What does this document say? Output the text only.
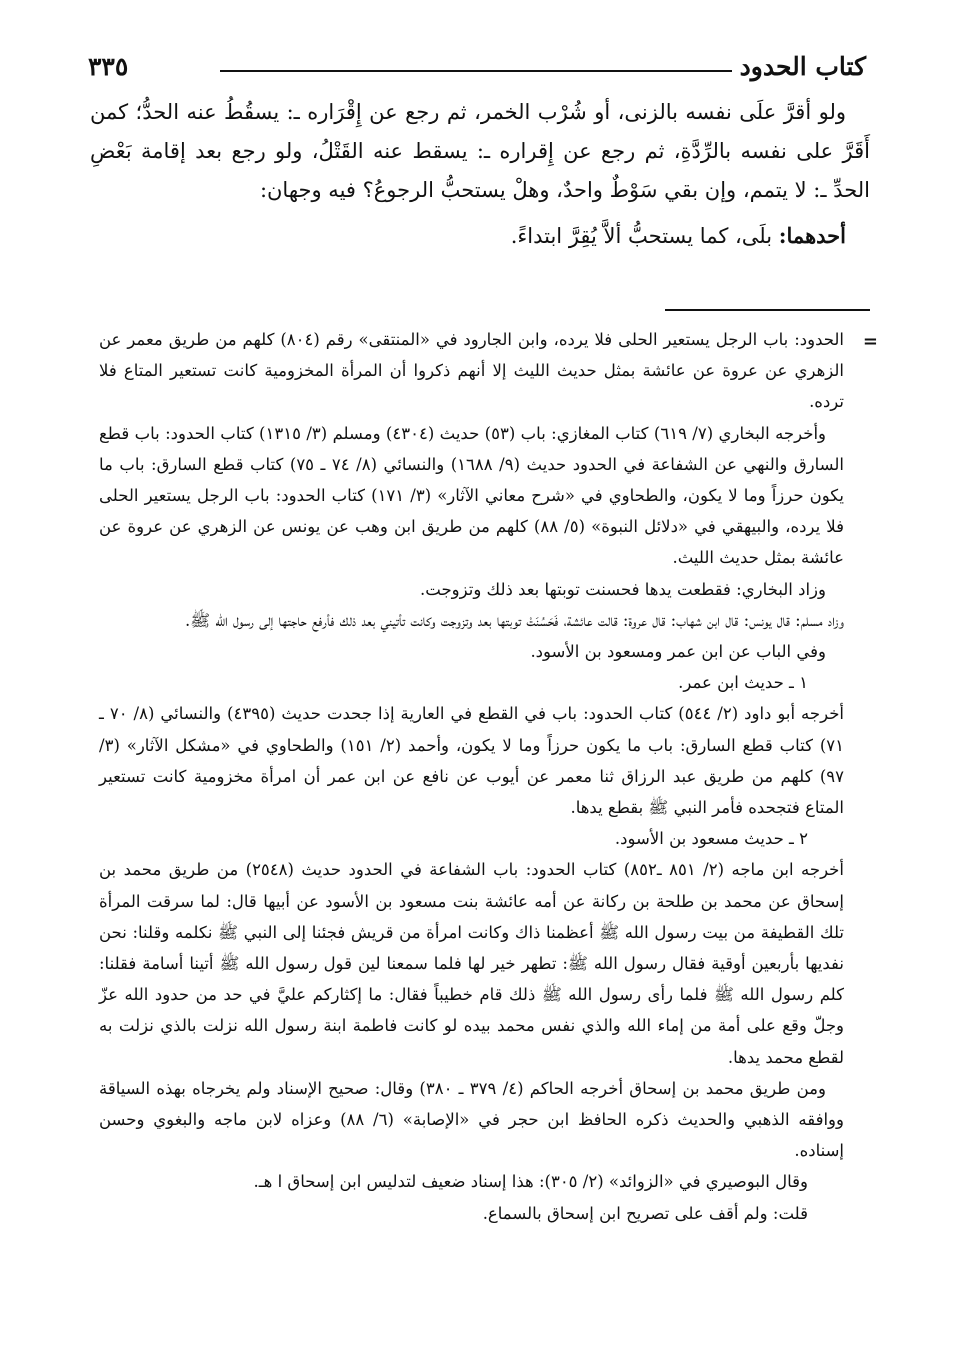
كتاب الحدود
٣٣٥

ولو أقرَّ علَى نفسه بالزنى، أو شُرْب الخمر، ثم رجع عن إِقْرَاره ـ: يسقُطُ عنه الحدُّ؛ كمن أَقَرَّ على نفسه بالرِّدَّةِ، ثم رجع عن إِقراره ـ: يسقط عنه القَتْلُ، ولو رجع بعد إقامة بَعْضِ الحدِّ ـ: لا يتمم، وإن بقي سَوْطٌ واحدٌ، وهلْ يستحبُّ الرجوعُ؟ فيه وجهان:

أحدهما: بلَى، كما يستحبُّ ألاَّ يُقِرَّ ابتداءً.

=

الحدود: باب الرجل يستعير الحلى فلا يرده، وابن الجارود في «المنتقى» رقم (٨٠٤) كلهم من طريق معمر عن الزهري عن عروة عن عائشة بمثل حديث الليث إلا أنهم ذكروا أن المرأة المخزومية كانت تستعير المتاع فلا ترده.

وأخرجه البخاري (٧/ ٦١٩) كتاب المغازي: باب (٥٣) حديث (٤٣٠٤) ومسلم (٣/ ١٣١٥) كتاب الحدود: باب قطع السارق والنهي عن الشفاعة في الحدود حديث (٩/ ١٦٨٨) والنسائي (٨/ ٧٤ ـ ٧٥) كتاب قطع السارق: باب ما يكون حرزاً وما لا يكون، والطحاوي في «شرح معاني الآثار» (٣/ ١٧١) كتاب الحدود: باب الرجل يستعير الحلى فلا يرده، والبيهقي في «دلائل النبوة» (٥/ ٨٨) كلهم من طريق ابن وهب عن يونس عن الزهري عن عروة عن عائشة بمثل حديث الليث.

وزاد البخاري: فقطعت يدها فحسنت توبتها بعد ذلك وتزوجت.

وزاد مسلم: قال يونس: قال ابن شهاب: قال عروة: قالت عائشة، فَحَسُنَتْ توبتها بعد وتزوجت وكانت تأتيني بعد ذلك فأرفع حاجتها إلى رسول الله ﷺ.

وفي الباب عن ابن عمر ومسعود بن الأسود.

١ ـ حديث ابن عمر.

أخرجه أبو داود (٢/ ٥٤٤) كتاب الحدود: باب في القطع في العارية إذا جحدت حديث (٤٣٩٥) والنسائي (٨/ ٧٠ ـ ٧١) كتاب قطع السارق: باب ما يكون حرزاً وما لا يكون، وأحمد (٢/ ١٥١) والطحاوي في «مشكل الآثار» (٣/ ٩٧) كلهم من طريق عبد الرزاق ثنا معمر عن أيوب عن نافع عن ابن عمر أن امرأة مخزومية كانت تستعير المتاع فتجحده فأمر النبي ﷺ بقطع يدها.

٢ ـ حديث مسعود بن الأسود.

أخرجه ابن ماجه (٢/ ٨٥١ ـ٨٥٢) كتاب الحدود: باب الشفاعة في الحدود حديث (٢٥٤٨) من طريق محمد بن إسحاق عن محمد بن طلحة بن ركانة عن أمه عائشة بنت مسعود بن الأسود عن أبيها قال: لما سرقت المرأة تلك القطيفة من بيت رسول الله ﷺ أعظمنا ذاك وكانت امرأة من قريش فجئنا إلى النبي ﷺ نكلمه وقلنا: نحن نفديها بأربعين أوقية فقال رسول الله ﷺ: تطهر خير لها فلما سمعنا لين قول رسول الله ﷺ أتينا أسامة فقلنا: كلم رسول الله ﷺ فلما رأى رسول الله ﷺ ذلك قام خطيباً فقال: ما إكثاركم عليَّ في حد من حدود الله عزّ وجلّ وقع على أمة من إماء الله والذي نفس محمد بيده لو كانت فاطمة ابنة رسول الله نزلت بالذي نزلت به لقطع محمد يدها.

ومن طريق محمد بن إسحاق أخرجه الحاكم (٤/ ٣٧٩ ـ ٣٨٠) وقال: صحيح الإسناد ولم يخرجاه بهذه السياقة ووافقه الذهبي والحديث ذكره الحافظ ابن حجر في «الإصابة» (٦/ ٨٨) وعزاه لابن ماجه والبغوي وحسن إسناده.

وقال البوصيري في «الزوائد» (٢/ ٣٠٥): هذا إسناد ضعيف لتدليس ابن إسحاق ا هـ.

قلت: ولم أقف على تصريح ابن إسحاق بالسماع.
